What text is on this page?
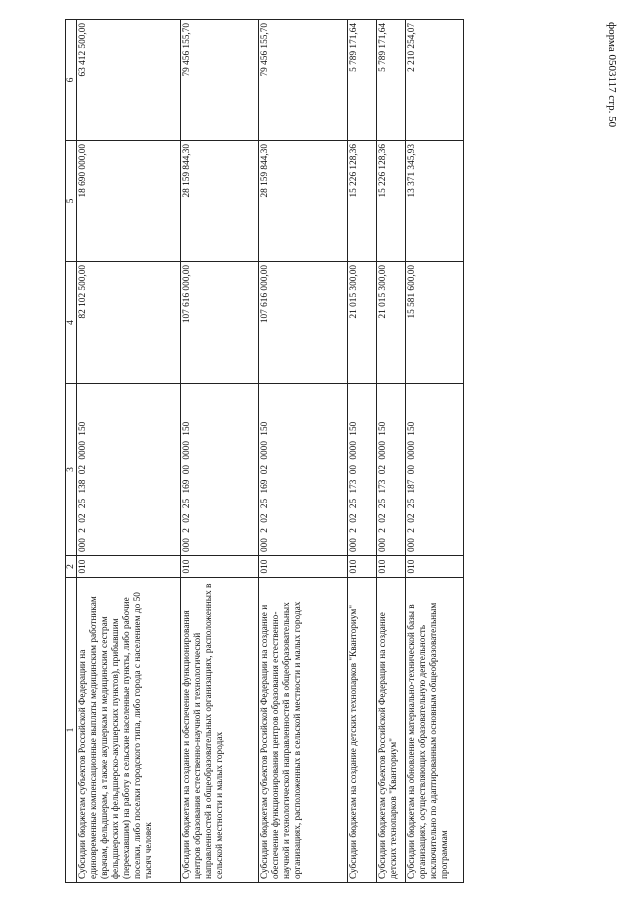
форма 0503117 стр. 50
1	2	3	4	5	6
Субсидии бюджетам субъектов Российской Федерации на единовременные компенсационные выплаты медицинским работникам (врачам, фельдшерам, а также акушеркам и медицинским сестрам фельдшерских и фельдшерско-акушерских пунктов), прибывшим (переехавшим) на работу в сельские населенные пункты, либо рабочие поселки, либо поселки городского типа, либо города с населением до 50 тысяч человек	010	000 2 02 25 138 02 0000 150	82 102 500,00	18 690 000,00	63 412 500,00
Субсидии бюджетам на создание и обеспечение функционирования центров образования естественно-научной и технологической направленностей в общеобразовательных организациях, расположенных в сельской местности и малых городах	010	000 2 02 25 169 00 0000 150	107 616 000,00	28 159 844,30	79 456 155,70
Субсидии бюджетам субъектов Российской Федерации на создание и обеспечение функционирования центров образования естественно-научной и технологической направленностей в общеобразовательных организациях, расположенных в сельской местности и малых городах	010	000 2 02 25 169 02 0000 150	107 616 000,00	28 159 844,30	79 456 155,70
Субсидии бюджетам на создание детских технопарков "Кванториум"	010	000 2 02 25 173 00 0000 150	21 015 300,00	15 226 128,36	5 789 171,64
Субсидии бюджетам субъектов Российской Федерации на создание детских технопарков "Кванториум"	010	000 2 02 25 173 02 0000 150	21 015 300,00	15 226 128,36	5 789 171,64
Субсидии бюджетам на обновление материально-технической базы в организациях, осуществляющих образовательную деятельность исключительно по адаптированным основным общеобразовательным программам	010	000 2 02 25 187 00 0000 150	15 581 600,00	13 371 345,93	2 210 254,07
